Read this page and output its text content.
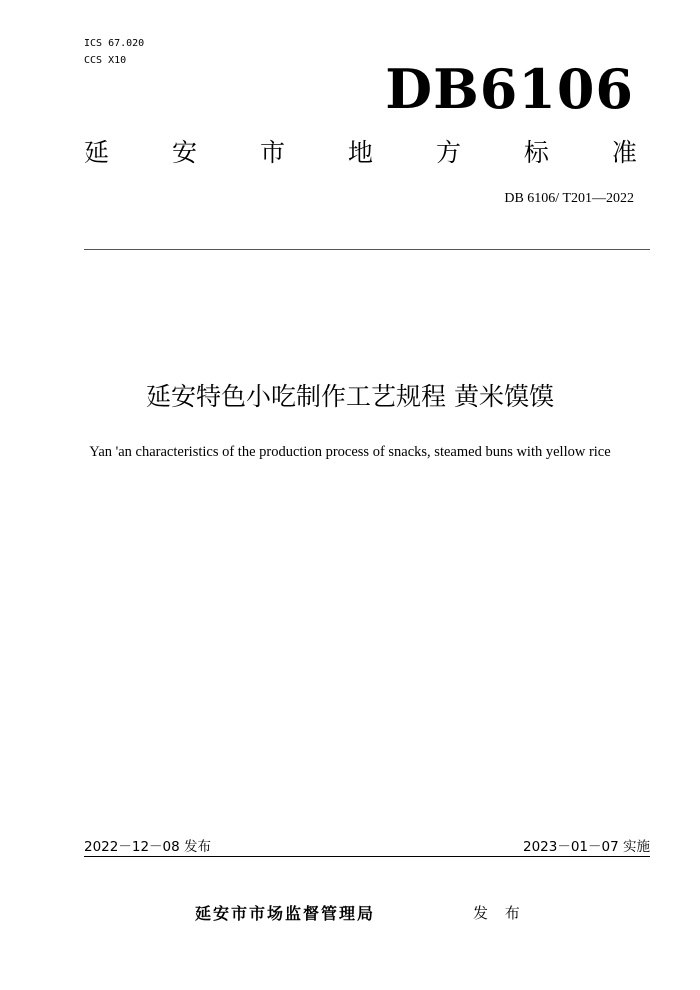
ICS 67.020
CCS X10	DB6106
延	安	市	地	方	标	准
DB 6106/ T201—2022
延安特色小吃制作工艺规程 黄米馍馍
Yan 'an characteristics of the production process of snacks, steamed buns with yellow rice
2022－12－08 发布	2023－01－07 实施
延安市市场监督管理局	发 布
